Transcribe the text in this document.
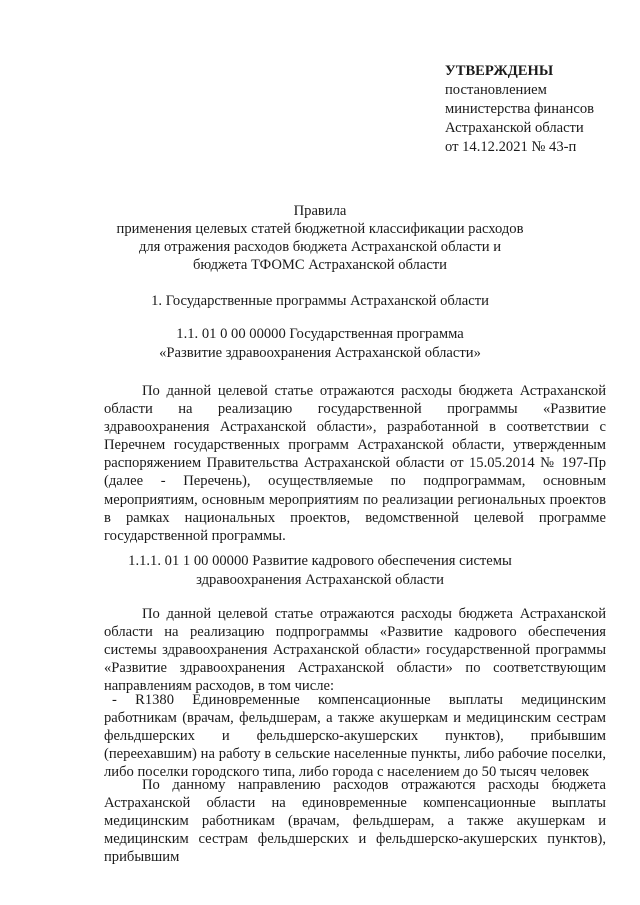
УТВЕРЖДЕНЫ
постановлением
министерства финансов
Астраханской области
от 14.12.2021 № 43-п
Правила
применения целевых статей бюджетной классификации расходов
для отражения расходов бюджета Астраханской области и
бюджета ТФОМС Астраханской области
1. Государственные программы Астраханской области
1.1. 01 0 00 00000 Государственная программа
«Развитие здравоохранения Астраханской области»
По данной целевой статье отражаются расходы бюджета Астраханской области на реализацию государственной программы «Развитие здравоохранения Астраханской области», разработанной в соответствии с Перечнем государственных программ Астраханской области, утвержденным распоряжением Правительства Астраханской области от 15.05.2014 № 197-Пр (далее - Перечень), осуществляемые по подпрограммам, основным мероприятиям, основным мероприятиям по реализации региональных проектов в рамках национальных проектов, ведомственной целевой программе государственной программы.
1.1.1. 01 1 00 00000 Развитие кадрового обеспечения системы
здравоохранения Астраханской области
По данной целевой статье отражаются расходы бюджета Астраханской области на реализацию подпрограммы «Развитие кадрового обеспечения системы здравоохранения Астраханской области» государственной программы «Развитие здравоохранения Астраханской области» по соответствующим направлениям расходов, в том числе:
- R1380 Единовременные компенсационные выплаты медицинским работникам (врачам, фельдшерам, а также акушеркам и медицинским сестрам фельдшерских и фельдшерско-акушерских пунктов), прибывшим (переехавшим) на работу в сельские населенные пункты, либо рабочие поселки, либо поселки городского типа, либо города с населением до 50 тысяч человек
По данному направлению расходов отражаются расходы бюджета Астраханской области на единовременные компенсационные выплаты медицинским работникам (врачам, фельдшерам, а также акушеркам и медицинским сестрам фельдшерских и фельдшерско-акушерских пунктов), прибывшим
